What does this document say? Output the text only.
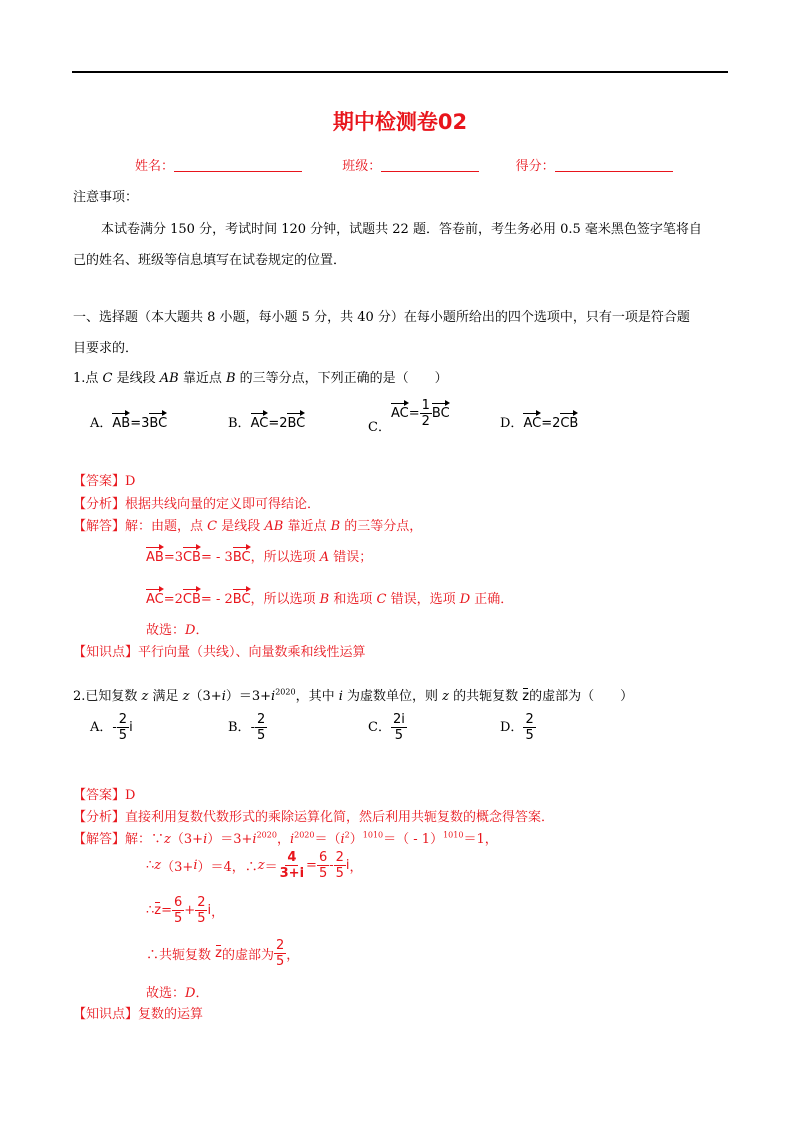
期中检测卷02
姓名：	班级：	得分：
注意事项：
本试卷满分 150 分，考试时间 120 分钟，试题共 22 题．答卷前，考生务必用 0.5 毫米黑色签字笔将自
己的姓名、班级等信息填写在试卷规定的位置．
一、选择题（本大题共 8 小题，每小题 5 分，共 40 分）在每小题所给出的四个选项中，只有一项是符合题
目要求的．
1.点 C 是线段 AB 靠近点 B 的三等分点，下列正确的是（　　）
A．AB=3BC	B．AC=2BC	C．$AC= \frac{1}{2}$ BC
D．AC=2CB
【答案】D
【分析】根据共线向量的定义即可得结论．
【解答】解：由题，点 C 是线段 AB 靠近点 B 的三等分点，
AB=3CB= - 3BC，所以选项 A 错误；
AC=2CB= - 2BC，所以选项 B 和选项 C 错误，选项 D 正确．
故选：D．
【知识点】平行向量（共线）、向量数乘和线性运算
2.已知复数 z 满足 $z(3+i)=3+i^{2020}$，其中 i 为虚数单位，则 z 的共轭复数 z的虚部为（　　）
A．- $\frac{2}{5}$ i	B．- $\frac{2}{5}$	C． $\frac{2i}{5}$	D． $\frac{2}{5}$
【答案】D
【分析】直接利用复数代数形式的乘除运算化简，然后利用共轭复数的概念得答案．
【解答】解：$\because z(3+i)=3+i^{2020}$，$i^{2020}=(i^2)^{1010}=( - 1)^{1010}=1$，
∴z（3+i）＝4，∴z＝ $\frac{4}{3+i} = \frac{6}{5} - \frac{2}{5}$ i，
∴z= $\frac{6}{5} + \frac{2}{5}$ i，
∴共轭复数 z的虚部为 $\frac{2}{5}$ ，
故选：D．
【知识点】复数的运算
